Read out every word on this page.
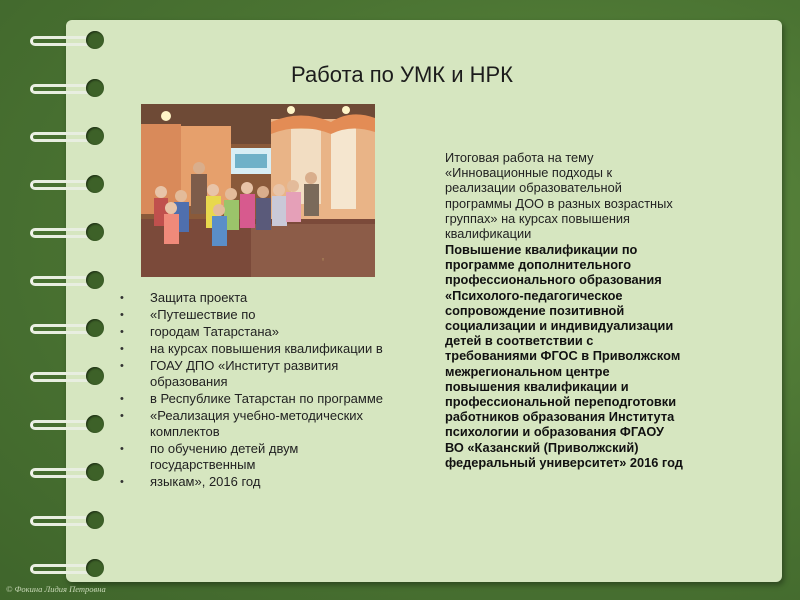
Работа по УМК и НРК
◦
• Защита проекта
• «Путешествие по
• городам Татарстана»
• на курсах повышения квалификации в
• ГОАУ ДПО «Институт развития образования
• в Республике Татарстан по программе
• «Реализация учебно-методических комплектов
• по обучению детей двум государственным
• языкам», 2016 год
Итоговая работа на тему «Инновационные подходы к реализации образовательной программы ДОО в разных возрастных группах» на курсах повышения квалификации
Повышение квалификации по программе дополнительного профессионального образования «Психолого-педагогическое сопровождение позитивной социализации и индивидуализации детей в соответствии с требованиями ФГОС в Приволжском межрегиональном центре повышения квалификации и профессиональной переподготовки работников образования Института психологии и образования ФГАОУ ВО «Казанский (Приволжский) федеральный университет» 2016 год
© Фокина Лидия Петровна
